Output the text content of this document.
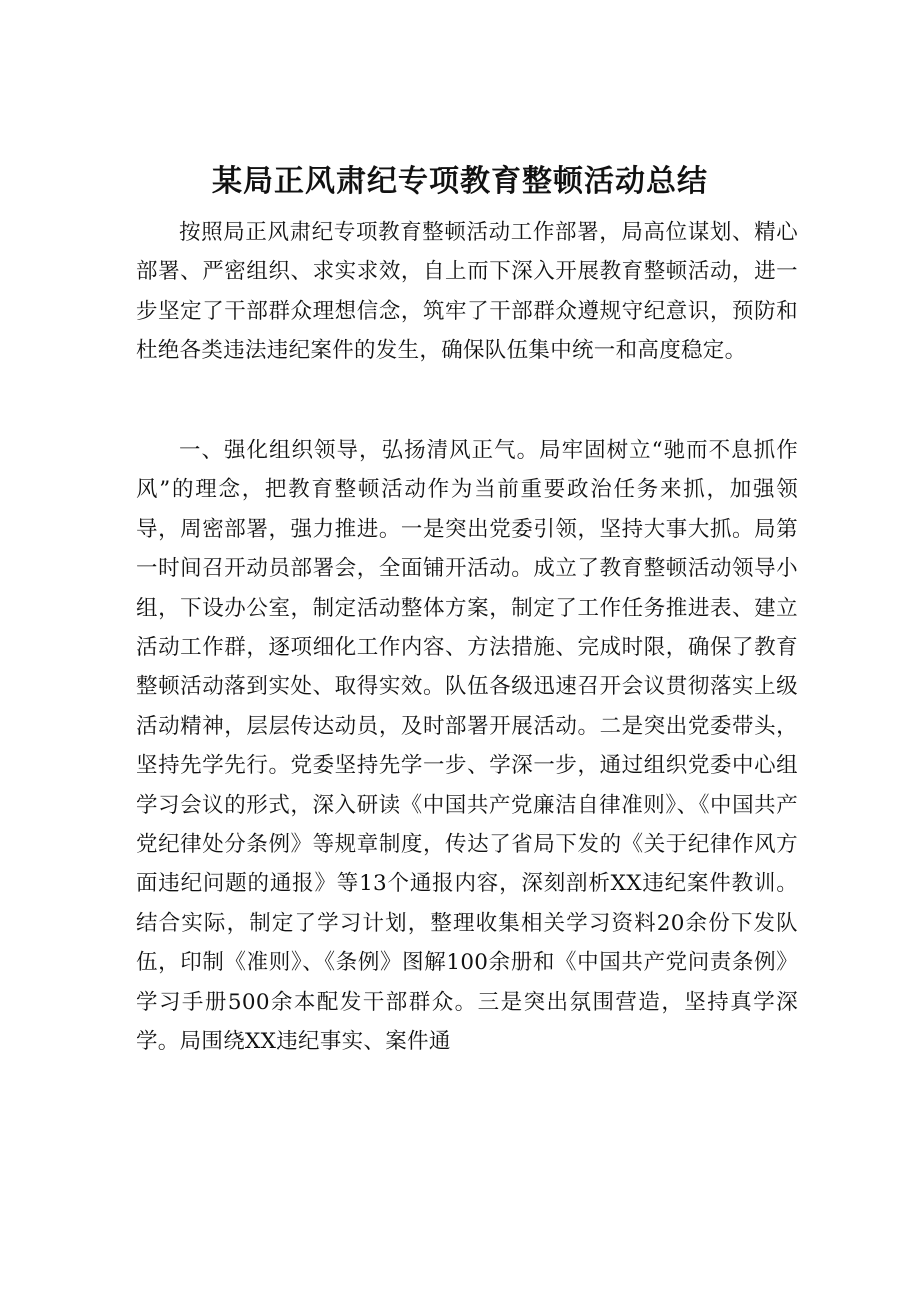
某局正风肃纪专项教育整顿活动总结
按照局正风肃纪专项教育整顿活动工作部署，局高位谋划、精心部署、严密组织、求实求效，自上而下深入开展教育整顿活动，进一步坚定了干部群众理想信念，筑牢了干部群众遵规守纪意识，预防和杜绝各类违法违纪案件的发生，确保队伍集中统一和高度稳定。
一、强化组织领导，弘扬清风正气。局牢固树立“驰而不息抓作风”的理念，把教育整顿活动作为当前重要政治任务来抓，加强领导，周密部署，强力推进。一是突出党委引领，坚持大事大抓。局第一时间召开动员部署会，全面铺开活动。成立了教育整顿活动领导小组，下设办公室，制定活动整体方案，制定了工作任务推进表、建立活动工作群，逐项细化工作内容、方法措施、完成时限，确保了教育整顿活动落到实处、取得实效。队伍各级迅速召开会议贯彻落实上级活动精神，层层传达动员，及时部署开展活动。二是突出党委带头，坚持先学先行。党委坚持先学一步、学深一步，通过组织党委中心组学习会议的形式，深入研读《中国共产党廉洁自律准则》、《中国共产党纪律处分条例》等规章制度，传达了省局下发的《关于纪律作风方面违纪问题的通报》等13个通报内容，深刻剖析XX违纪案件教训。结合实际，制定了学习计划，整理收集相关学习资料20余份下发队伍，印制《准则》、《条例》图解100余册和《中国共产党问责条例》学习手册500余本配发干部群众。三是突出氛围营造，坚持真学深学。局围绕XX违纪事实、案件通
